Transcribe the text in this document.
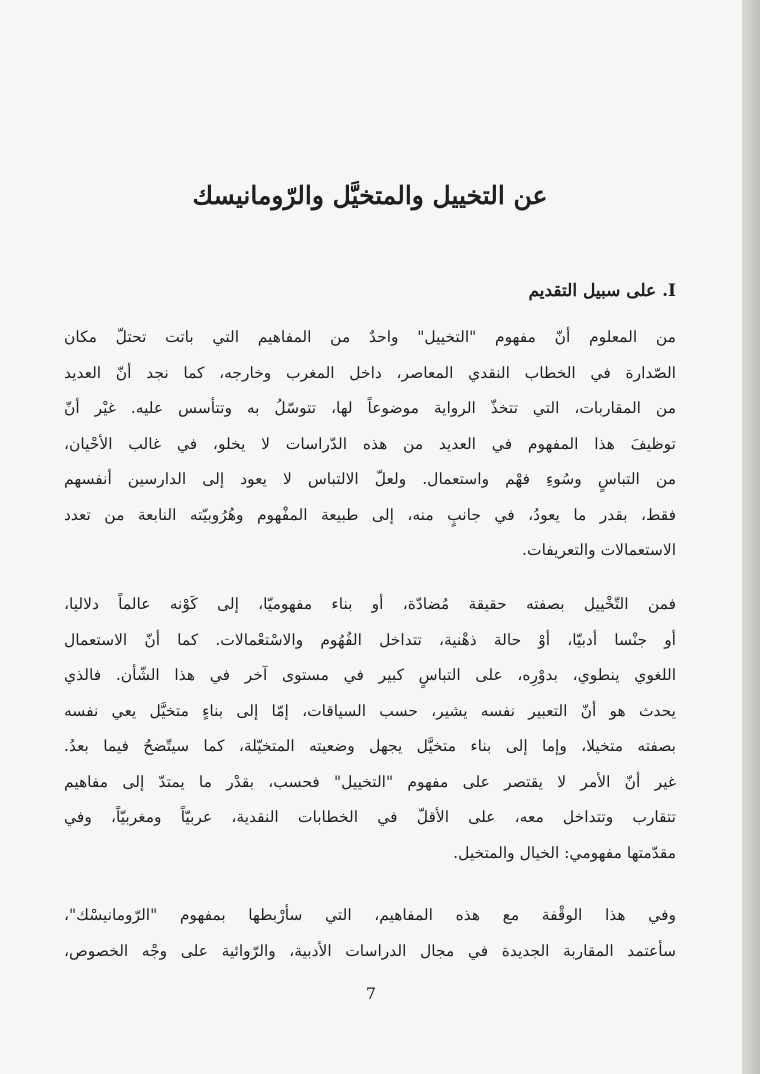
عن التخييل والمتخيَّل والرّومانيسك
I. على سبيل التقديم
من المعلوم أنّ مفهوم "التخييل" واحدٌ من المفاهيم التي باتت تحتلّ مكان
الصّدارة في الخطاب النقدي المعاصر، داخل المغرب وخارجه، كما نجد أنّ العديد
من المقاربات، التي تتخذّ الرواية موضوعاً لها، تتوسّلُ به وتتأسس عليه. غيْر أنّ
توظيفَ هذا المفهوم في العديد من هذه الدّراسات لا يخلو، في غالب الأحْيان،
من التباسٍ وسُوءِ فهْم واستعمال. ولعلّ الالتباس لا يعود إلى الدارسين أنفسهم
فقط، بقدر ما يعودُ، في جانبٍ منه، إلى طبيعة المفْهوم وهُرُوبيّته النابعة من تعدد
الاستعمالات والتعريفات.
فمن التّخْييل بصفته حقيقة مُضادّة، أو بناء مفهوميّا، إلى كَوْنه عالماً دلاليا،
أو جنْسا أدبيّا، أوْ حالة ذهْنية، تتداخل الفُهُوم والاسْتعْمالات. كما أنّ الاستعمال
اللغوي ينطوي، بدوْرِه، على التباسٍ كبير في مستوى آخر في هذا الشّأن. فالذي
يحدث هو أنّ التعبير نفسه يشير، حسب السياقات، إمّا إلى بناءٍ متخيَّل يعي نفسه
بصفته متخيلا، وإما إلى بناء متخيَّل يجهل وضعيته المتخيّلة، كما سيتّضحُ فيما بعدُ.
غير أنّ الأمر لا يقتصر على مفهوم "التخييل" فحسب، بقدْر ما يمتدّ إلى مفاهيم
تتقارب وتتداخل معه، على الأقلّ في الخطابات النقدية، عربيّاً ومغربيّاً، وفي
مقدّمتها مفهومي: الخيال والمتخيل.
وفي هذا الوقْفة مع هذه المفاهيم، التي سأرْبطها بمفهوم "الرّومانيسْك"،
سأعتمد المقاربة الجديدة في مجال الدراسات الأدبية، والرّوائية على وجْه الخصوص،
7
